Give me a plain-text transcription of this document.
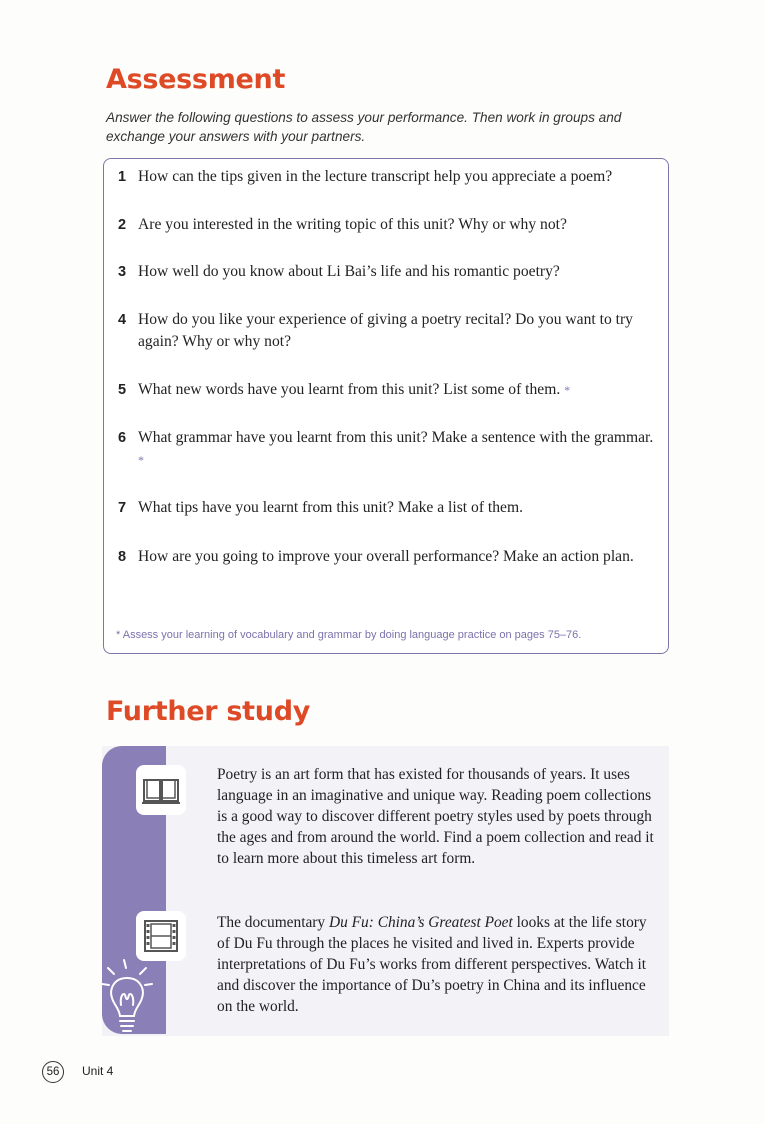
Assessment
Answer the following questions to assess your performance. Then work in groups and exchange your answers with your partners.
1 How can the tips given in the lecture transcript help you appreciate a poem?
2 Are you interested in the writing topic of this unit? Why or why not?
3 How well do you know about Li Bai’s life and his romantic poetry?
4 How do you like your experience of giving a poetry recital? Do you want to try again? Why or why not?
5 What new words have you learnt from this unit? List some of them. *
6 What grammar have you learnt from this unit? Make a sentence with the grammar. *
7 What tips have you learnt from this unit? Make a list of them.
8 How are you going to improve your overall performance? Make an action plan.
* Assess your learning of vocabulary and grammar by doing language practice on pages 75–76.
Further study
Poetry is an art form that has existed for thousands of years. It uses language in an imaginative and unique way. Reading poem collections is a good way to discover different poetry styles used by poets through the ages and from around the world. Find a poem collection and read it to learn more about this timeless art form.
The documentary Du Fu: China’s Greatest Poet looks at the life story of Du Fu through the places he visited and lived in. Experts provide interpretations of Du Fu’s works from different perspectives. Watch it and discover the importance of Du’s poetry in China and its influence on the world.
56	Unit 4
